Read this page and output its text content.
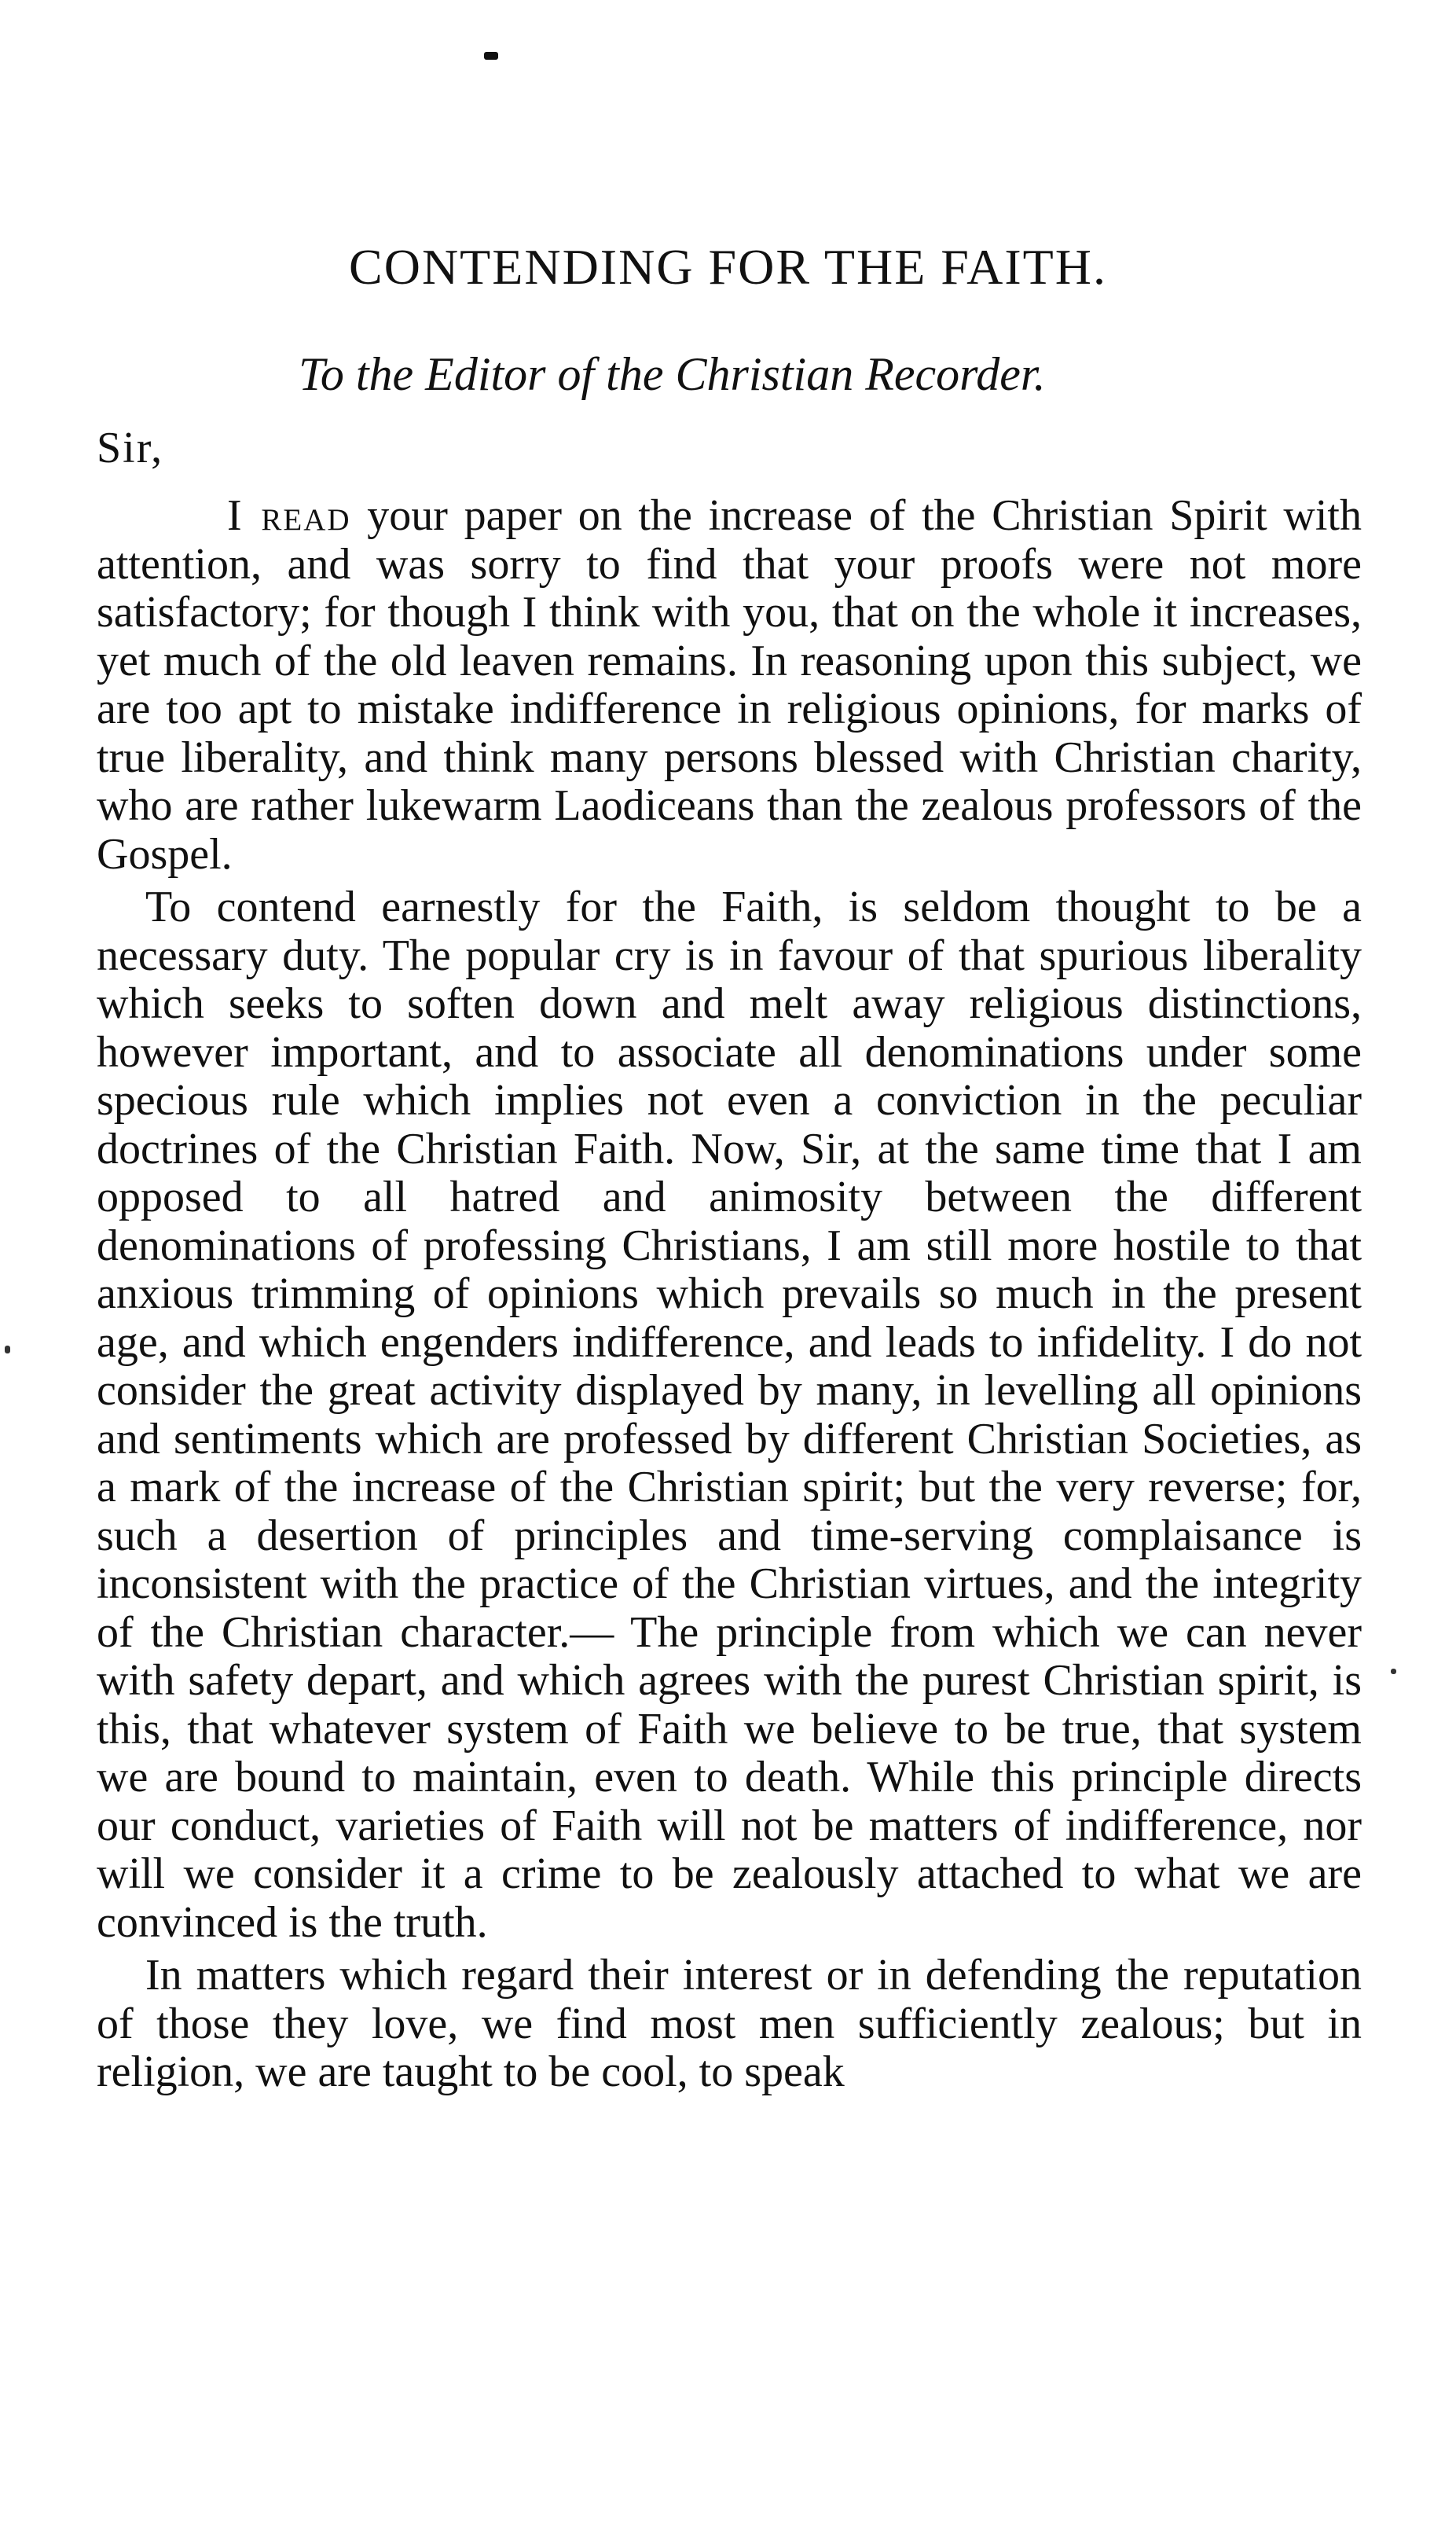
CONTENDING FOR THE FAITH.

To the Editor of the Christian Recorder.

Sir,

I read your paper on the increase of the Christian Spirit with attention, and was sorry to find that your proofs were not more satisfactory; for though I think with you, that on the whole it increases, yet much of the old leaven remains. In reasoning upon this subject, we are too apt to mistake indifference in religious opinions, for marks of true liberality, and think many persons blessed with Christian charity, who are rather lukewarm Laodiceans than the zealous professors of the Gospel.

To contend earnestly for the Faith, is seldom thought to be a necessary duty. The popular cry is in favour of that spurious liberality which seeks to soften down and melt away religious distinctions, however important, and to associate all denominations under some specious rule which implies not even a conviction in the peculiar doctrines of the Christian Faith. Now, Sir, at the same time that I am opposed to all hatred and animosity between the different denominations of professing Christians, I am still more hostile to that anxious trimming of opinions which prevails so much in the present age, and which engenders indifference, and leads to infidelity. I do not consider the great activity displayed by many, in levelling all opinions and sentiments which are professed by different Christian Societies, as a mark of the increase of the Christian spirit; but the very reverse; for, such a desertion of principles and time-serving complaisance is inconsistent with the practice of the Christian virtues, and the integrity of the Christian character.— The principle from which we can never with safety depart, and which agrees with the purest Christian spirit, is this, that whatever system of Faith we believe to be true, that system we are bound to maintain, even to death. While this principle directs our conduct, varieties of Faith will not be matters of indifference, nor will we consider it a crime to be zealously attached to what we are convinced is the truth.

In matters which regard their interest or in defending the reputation of those they love, we find most men sufficiently zealous; but in religion, we are taught to be cool, to speak
